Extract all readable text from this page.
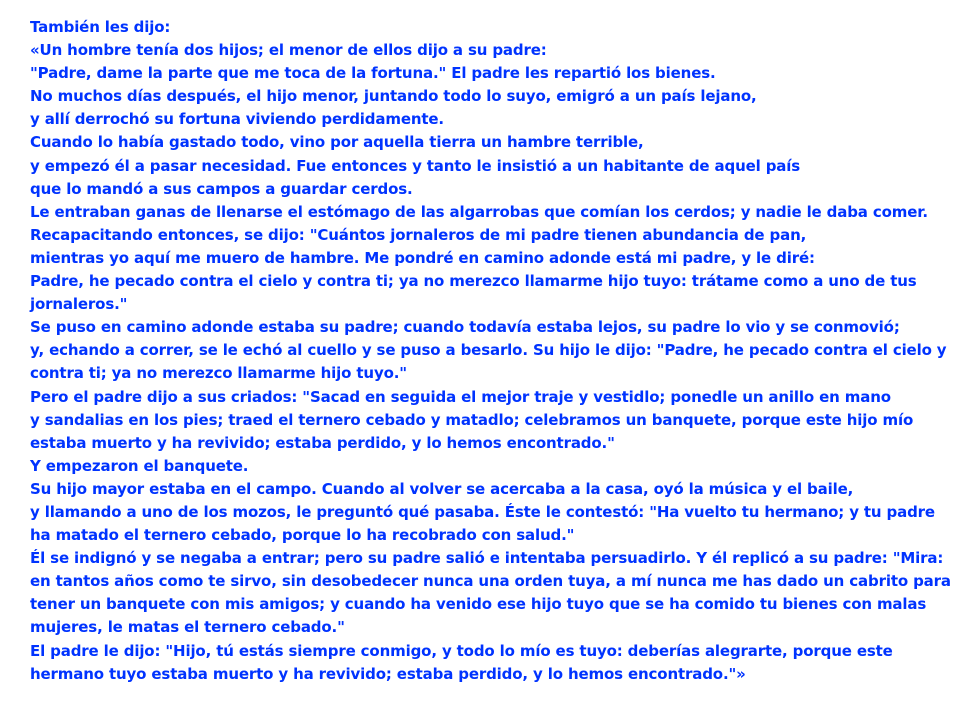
También les dijo:
«Un hombre tenía dos hijos; el menor de ellos dijo a su padre:
"Padre, dame la parte que me toca de la fortuna." El padre les repartió los bienes.
No muchos días después, el hijo menor, juntando todo lo suyo, emigró a un país lejano,
y allí derrochó su fortuna viviendo perdidamente.
Cuando lo había gastado todo, vino por aquella tierra un hambre terrible,
y empezó él a pasar necesidad. Fue entonces y tanto le insistió a un habitante de aquel país
que lo mandó a sus campos a guardar cerdos.
Le entraban ganas de llenarse el estómago de las algarrobas que comían los cerdos; y nadie le daba comer.
Recapacitando entonces, se dijo: "Cuántos jornaleros de mi padre tienen abundancia de pan,
mientras yo aquí me muero de hambre. Me pondré en camino adonde está mi padre, y le diré:
Padre, he pecado contra el cielo y contra ti; ya no merezco llamarme hijo tuyo: trátame como a uno de tus
jornaleros."
Se puso en camino adonde estaba su padre; cuando todavía estaba lejos, su padre lo vio y se conmovió;
y, echando a correr, se le echó al cuello y se puso a besarlo. Su hijo le dijo: "Padre, he pecado contra el cielo y
contra ti; ya no merezco llamarme hijo tuyo."
Pero el padre dijo a sus criados: "Sacad en seguida el mejor traje y vestidlo; ponedle un anillo en mano
y sandalias en los pies; traed el ternero cebado y matadlo; celebramos un banquete, porque este hijo mío
estaba muerto y ha revivido; estaba perdido, y lo hemos encontrado."
Y empezaron el banquete.
Su hijo mayor estaba en el campo. Cuando al volver se acercaba a la casa, oyó la música y el baile,
y llamando a uno de los mozos, le preguntó qué pasaba. Éste le contestó: "Ha vuelto tu hermano; y tu padre
ha matado el ternero cebado, porque lo ha recobrado con salud."
Él se indignó y se negaba a entrar; pero su padre salió e intentaba persuadirlo. Y él replicó a su padre: "Mira:
en tantos años como te sirvo, sin desobedecer nunca una orden tuya, a mí nunca me has dado un cabrito para
tener un banquete con mis amigos; y cuando ha venido ese hijo tuyo que se ha comido tu bienes con malas
mujeres, le matas el ternero cebado."
El padre le dijo: "Hijo, tú estás siempre conmigo, y todo lo mío es tuyo: deberías alegrarte, porque este
hermano tuyo estaba muerto y ha revivido; estaba perdido, y lo hemos encontrado."»
